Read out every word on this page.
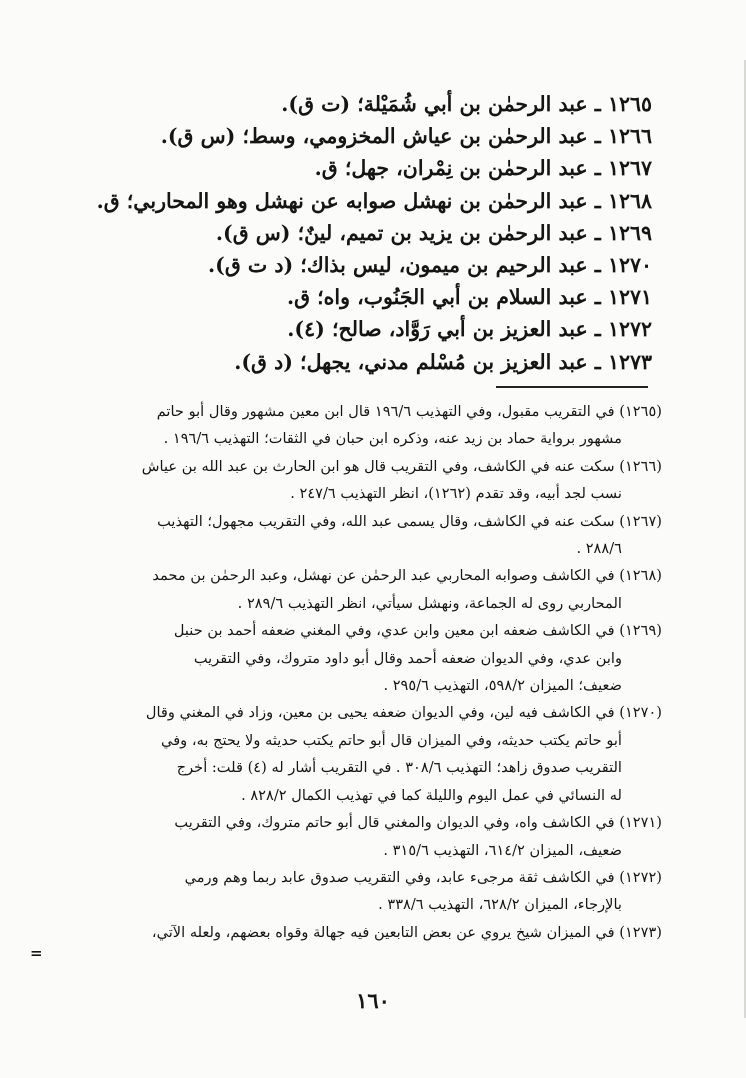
١٢٦٥ ـ عبد الرحمٰن بن أبي شُمَيْلة؛ (ت ق).
١٢٦٦ ـ عبد الرحمٰن بن عياش المخزومي، وسط؛ (س ق).
١٢٦٧ ـ عبد الرحمٰن بن نِمْران، جهل؛ ق.
١٢٦٨ ـ عبد الرحمٰن بن نهشل صوابه عن نهشل وهو المحاربي؛ ق.
١٢٦٩ ـ عبد الرحمٰن بن يزيد بن تميم، لينٌ؛ (س ق).
١٢٧٠ ـ عبد الرحيم بن ميمون، ليس بذاك؛ (د ت ق).
١٢٧١ ـ عبد السلام بن أبي الجَنُوب، واه؛ ق.
١٢٧٢ ـ عبد العزيز بن أبي رَوَّاد، صالح؛ (٤).
١٢٧٣ ـ عبد العزيز بن مُسْلم مدني، يجهل؛ (د ق).
(١٢٦٥) في التقريب مقبول، وفي التهذيب ١٩٦/٦ قال ابن معين مشهور وقال أبو حاتم
مشهور برواية حماد بن زيد عنه، وذكره ابن حبان في الثقات؛ التهذيب ١٩٦/٦ .
(١٢٦٦) سكت عنه في الكاشف، وفي التقريب قال هو ابن الحارث بن عبد الله بن عياش
نسب لجد أبيه، وقد تقدم (١٢٦٢)، انظر التهذيب ٢٤٧/٦ .
(١٢٦٧) سكت عنه في الكاشف، وقال يسمى عبد الله، وفي التقريب مجهول؛ التهذيب
٢٨٨/٦ .
(١٢٦٨) في الكاشف وصوابه المحاربي عبد الرحمٰن عن نهشل، وعبد الرحمٰن بن محمد
المحاربي روى له الجماعة، ونهشل سيأتي، انظر التهذيب ٢٨٩/٦ .
(١٢٦٩) في الكاشف ضعفه ابن معين وابن عدي، وفي المغني ضعفه أحمد بن حنبل
وابن عدي، وفي الديوان ضعفه أحمد وقال أبو داود متروك، وفي التقريب
ضعيف؛ الميزان ٥٩٨/٢، التهذيب ٢٩٥/٦ .
(١٢٧٠) في الكاشف فيه لين، وفي الديوان ضعفه يحيى بن معين، وزاد في المغني وقال
أبو حاتم يكتب حديثه، وفي الميزان قال أبو حاتم يكتب حديثه ولا يحتج به، وفي
التقريب صدوق زاهد؛ التهذيب ٣٠٨/٦ . في التقريب أشار له (٤) قلت: أخرج
له النسائي في عمل اليوم والليلة كما في تهذيب الكمال ٨٢٨/٢ .
(١٢٧١) في الكاشف واه، وفي الديوان والمغني قال أبو حاتم متروك، وفي التقريب
ضعيف، الميزان ٦١٤/٢، التهذيب ٣١٥/٦ .
(١٢٧٢) في الكاشف ثقة مرجىء عابد، وفي التقريب صدوق عابد ربما وهم ورمي
بالإرجاء، الميزان ٦٢٨/٢، التهذيب ٣٣٨/٦ .
(١٢٧٣) في الميزان شيخ يروي عن بعض التابعين فيه جهالة وقواه بعضهم، ولعله الآتي،
=
١٦٠
